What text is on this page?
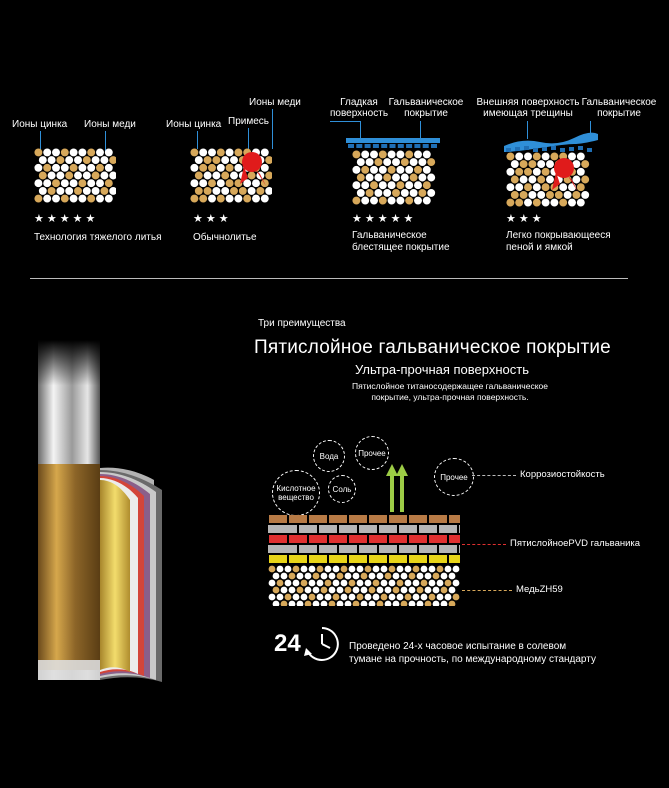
Ионы цинка Ионы меди
★★★★★
Технология тяжелого литья
Ионы меди
Ионы цинка Примесь
★★★
Обычнолитье
Гладкая
поверхность
Гальваническое
покрытие
★★★★★
Гальваническое
блестящее покрытие
Внешняя поверхность
имеющая трещины
Гальваническое
покрытие
★★★
Легко покрывающееся
пеной и ямкой
Три преимущества
Пятислойное гальваническое покрытие
Ультра-прочная поверхность
Пятислойное титаносодержащее гальваническое
покрытие, ультра-прочная поверхность.
Вода	Прочее
Кислотное
вещество
Соль
Прочее	Коррозиостойкость
ПятислойноеPVD гальваника
МедьZH59
24	Проведено 24-х часовое испытание в солевом
тумане на прочность, по международному стандарту
